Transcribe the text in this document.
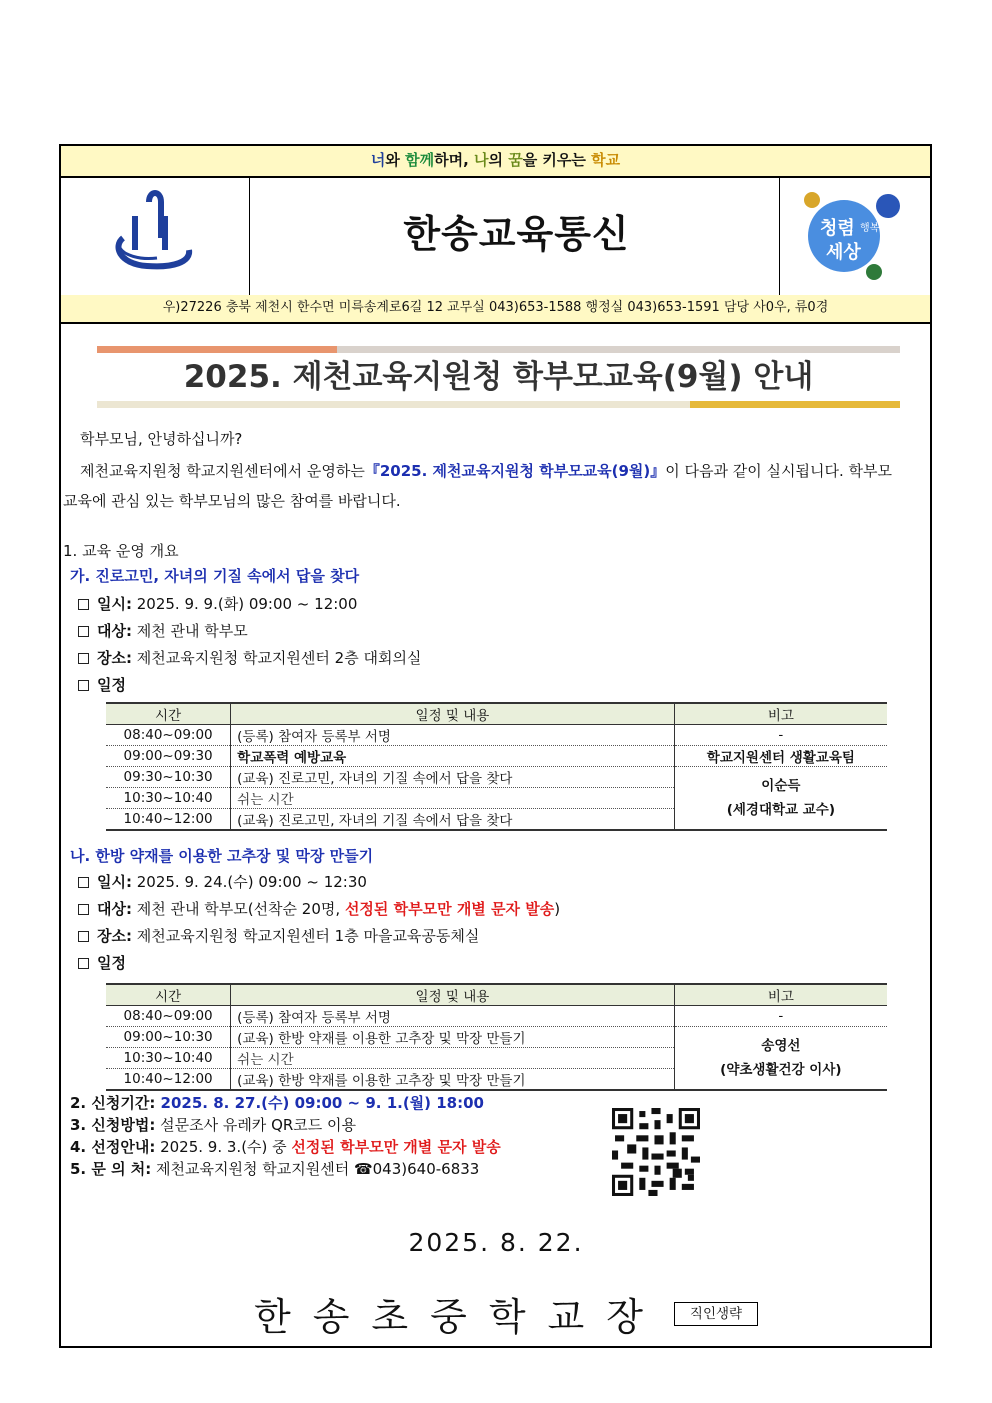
너와 함께하며, 나의 꿈을 키우는 학교
한송교육통신	청렴 행복
세상
우)27226 충북 제천시 한수면 미륵송계로6길 12 교무실 043)653-1588 행정실 043)653-1591 담당 사0우, 류0경
2025. 제천교육지원청 학부모교육(9월) 안내
학부모님, 안녕하십니까?
제천교육지원청 학교지원센터에서 운영하는『2025. 제천교육지원청 학부모교육(9월)』이 다음과 같이 실시됩니다. 학부모
교육에 관심 있는 학부모님의 많은 참여를 바랍니다.
1. 교육 운영 개요
가. 진로고민, 자녀의 기질 속에서 답을 찾다
일시: 2025. 9. 9.(화) 09:00 ~ 12:00
대상: 제천 관내 학부모
장소: 제천교육지원청 학교지원센터 2층 대회의실
일정
시간	일정 및 내용	비고
08:40~09:00	(등록) 참여자 등록부 서명	-
09:00~09:30	학교폭력 예방교육	학교지원센터 생활교육팀
09:30~10:30	(교육) 진로고민, 자녀의 기질 속에서 답을 찾다	이순득
(세경대학교 교수)

10:30~10:40	쉬는 시간	
10:40~12:00	(교육) 진로고민, 자녀의 기질 속에서 답을 찾다	
나. 한방 약재를 이용한 고추장 및 막장 만들기
일시: 2025. 9. 24.(수) 09:00 ~ 12:30
대상: 제천 관내 학부모(선착순 20명, 선정된 학부모만 개별 문자 발송)
장소: 제천교육지원청 학교지원센터 1층 마을교육공동체실
일정
시간	일정 및 내용	비고
08:40~09:00	(등록) 참여자 등록부 서명	-
09:00~10:30	(교육) 한방 약재를 이용한 고추장 및 막장 만들기	송영선
(약초생활건강 이사)

10:30~10:40	쉬는 시간	
10:40~12:00	(교육) 한방 약재를 이용한 고추장 및 막장 만들기	
2. 신청기간: 2025. 8. 27.(수) 09:00 ~ 9. 1.(월) 18:00
3. 신청방법: 설문조사 유레카 QR코드 이용
4. 선정안내: 2025. 9. 3.(수) 중 선정된 학부모만 개별 문자 발송
5. 문 의 처: 제천교육지원청 학교지원센터 ☎043)640-6833
2025. 8. 22.
한송초중학교장	직인생략
